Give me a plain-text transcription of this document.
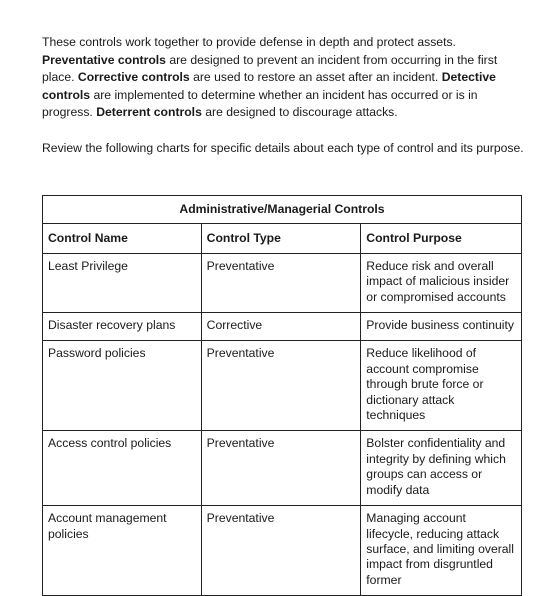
These controls work together to provide defense in depth and protect assets. Preventative controls are designed to prevent an incident from occurring in the first place. Corrective controls are used to restore an asset after an incident. Detective controls are implemented to determine whether an incident has occurred or is in progress. Deterrent controls are designed to discourage attacks.

Review the following charts for specific details about each type of control and its purpose.

Administrative/Managerial Controls		
Control Name	Control Type	Control Purpose
Least Privilege	Preventative	Reduce risk and overall impact of malicious insider or compromised accounts
Disaster recovery plans	Corrective	Provide business continuity
Password policies	Preventative	Reduce likelihood of account compromise through brute force or dictionary attack techniques
Access control policies	Preventative	Bolster confidentiality and integrity by defining which groups can access or modify data
Account management policies	Preventative	Managing account lifecycle, reducing attack surface, and limiting overall impact from disgruntled former
